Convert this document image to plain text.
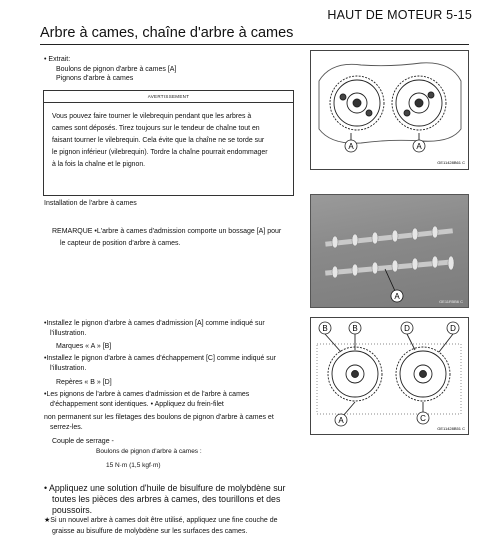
HAUT DE MOTEUR 5-15
Arbre à cames, chaîne d'arbre à cames
• Extrait:
Boulons de pignon d'arbre à cames [A]
Pignons d'arbre à cames
AVERTISSEMENT
Vous pouvez faire tourner le vilebrequin pendant que les arbres à
cames sont déposés. Tirez toujours sur le tendeur de chaîne tout en
faisant tourner le vilebrequin. Cela évite que la chaîne ne se torde sur
le pignon inférieur (vilebrequin). Tordre la chaîne pourrait endommager
à la fois la chaîne et le pignon.
A	A
GE11428B61 C
Installation de l'arbre à cames
REMARQUE •L'arbre à cames d'admission comporte un bossage [A] pour
le capteur de position d'arbre à cames.
A
GE11R5B6 C
•Installez le pignon d'arbre à cames d'admission [A] comme indiqué sur
l'illustration.
Marques « A » [B]
•Installez le pignon d'arbre à cames d'échappement [C] comme indiqué sur
l'illustration.
Repères « B » [D]
•Les pignons de l'arbre à cames d'admission et de l'arbre à cames
d'échappement sont identiques. • Appliquez du frein-filet
non permanent sur les filetages des boulons de pignon d'arbre à cames et
serrez-les.
Couple de serrage -
Boulons de pignon d'arbre à cames :
15 N·m (1,5 kgf·m)
B	B	D	D
A	C
GE11428B51 C
• Appliquez une solution d'huile de bisulfure de molybdène sur
toutes les pièces des arbres à cames, des tourillons et des
poussoirs.
★Si un nouvel arbre à cames doit être utilisé, appliquez une fine couche de
graisse au bisulfure de molybdène sur les surfaces des cames.
